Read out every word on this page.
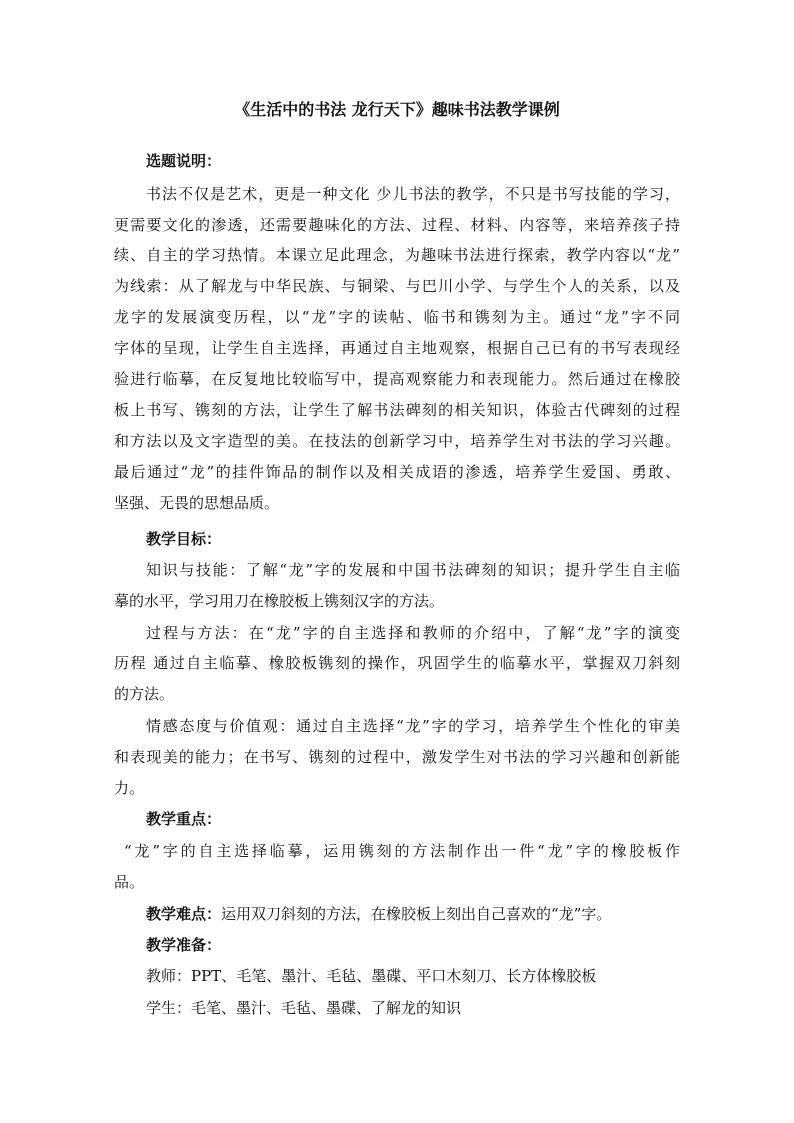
《生活中的书法 龙行天下》趣味书法教学课例
选题说明：
书法不仅是艺术，更是一种文化 少儿书法的教学，不只是书写技能的学习，
更需要文化的渗透，还需要趣味化的方法、过程、材料、内容等，来培养孩子持
续、自主的学习热情。本课立足此理念，为趣味书法进行探索，教学内容以“龙”
为线索：从了解龙与中华民族、与铜梁、与巴川小学、与学生个人的关系，以及
龙字的发展演变历程，以“龙”字的读帖、临书和镌刻为主。通过“龙”字不同
字体的呈现，让学生自主选择，再通过自主地观察，根据自己已有的书写表现经
验进行临摹，在反复地比较临写中，提高观察能力和表现能力。然后通过在橡胶
板上书写、镌刻的方法，让学生了解书法碑刻的相关知识，体验古代碑刻的过程
和方法以及文字造型的美。在技法的创新学习中，培养学生对书法的学习兴趣。
最后通过“龙”的挂件饰品的制作以及相关成语的渗透，培养学生爱国、勇敢、
坚强、无畏的思想品质。
教学目标：
知识与技能：了解“龙”字的发展和中国书法碑刻的知识；提升学生自主临
摹的水平，学习用刀在橡胶板上镌刻汉字的方法。
过程与方法：在“龙”字的自主选择和教师的介绍中，了解“龙”字的演变
历程 通过自主临摹、橡胶板镌刻的操作，巩固学生的临摹水平，掌握双刀斜刻
的方法。
情感态度与价值观：通过自主选择“龙”字的学习，培养学生个性化的审美
和表现美的能力；在书写、镌刻的过程中，激发学生对书法的学习兴趣和创新能
力。
教学重点：
“龙”字的自主选择临摹，运用镌刻的方法制作出一件“龙”字的橡胶板作
品。
教学难点：运用双刀斜刻的方法，在橡胶板上刻出自己喜欢的“龙”字。
教学准备：
教师：PPT、毛笔、墨汁、毛毡、墨碟、平口木刻刀、长方体橡胶板
学生：毛笔、墨汁、毛毡、墨碟、了解龙的知识
